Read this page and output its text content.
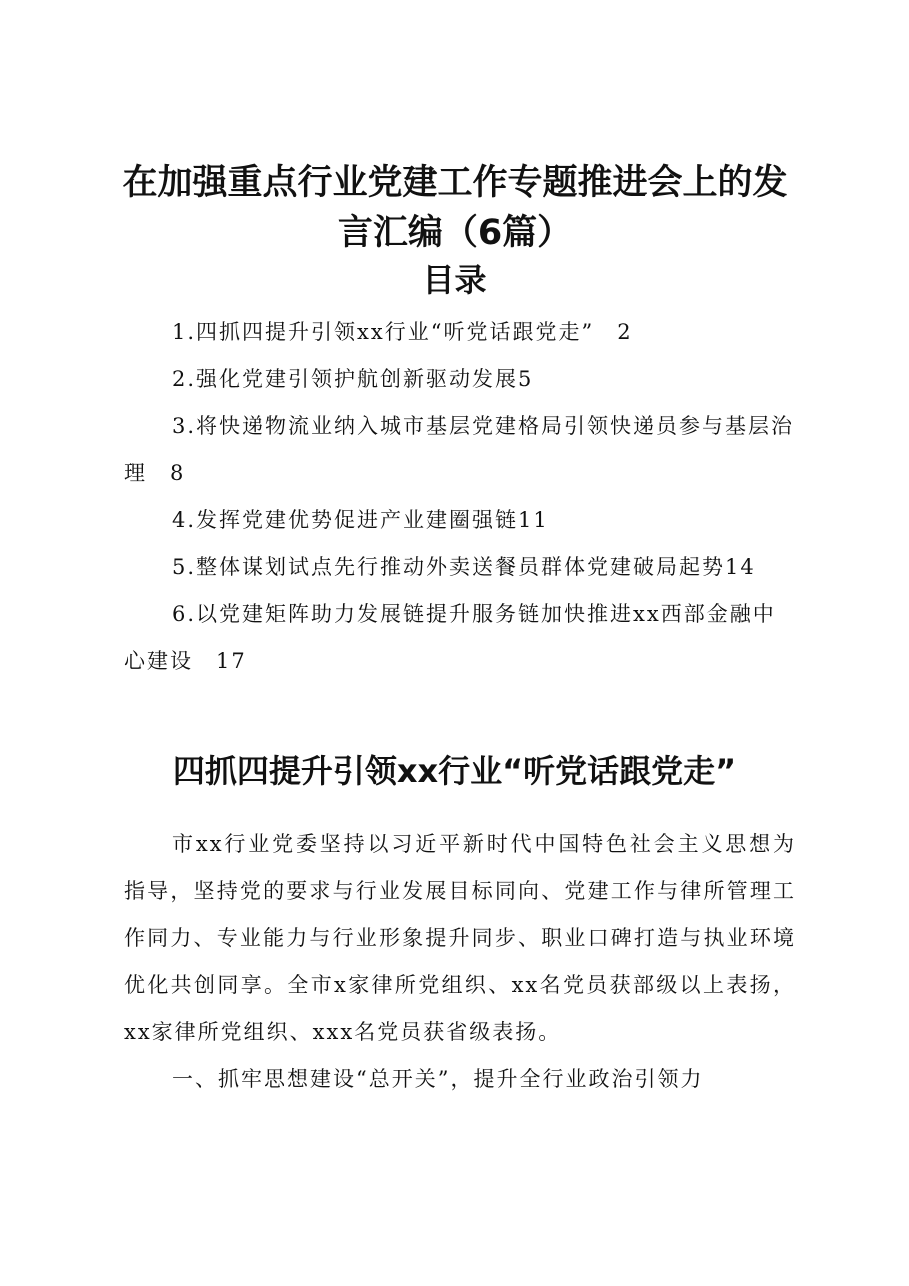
在加强重点行业党建工作专题推进会上的发言汇编（6篇）
目录
1.四抓四提升引领xx行业“听党话跟党走”　2
2.强化党建引领护航创新驱动发展5
3.将快递物流业纳入城市基层党建格局引领快递员参与基层治理　8
4.发挥党建优势促进产业建圈强链11
5.整体谋划试点先行推动外卖送餐员群体党建破局起势14
6.以党建矩阵助力发展链提升服务链加快推进xx西部金融中心建设　17
四抓四提升引领xx行业“听党话跟党走”

市xx行业党委坚持以习近平新时代中国特色社会主义思想为指导，坚持党的要求与行业发展目标同向、党建工作与律所管理工作同力、专业能力与行业形象提升同步、职业口碑打造与执业环境优化共创同享。全市x家律所党组织、xx名党员获部级以上表扬，xx家律所党组织、xxx名党员获省级表扬。

一、抓牢思想建设“总开关”，提升全行业政治引领力
